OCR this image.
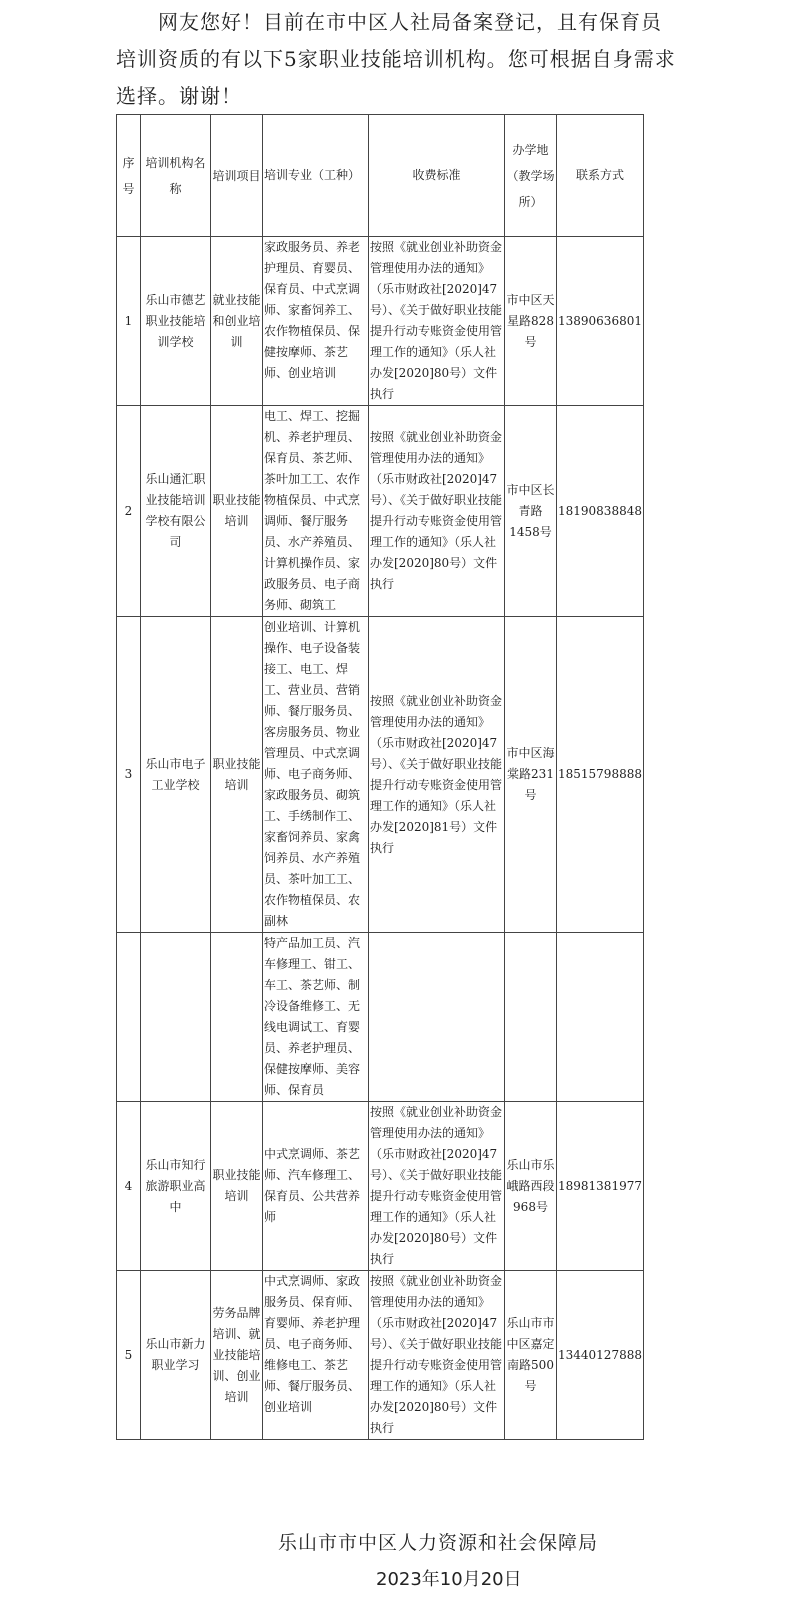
网友您好！目前在市中区人社局备案登记，且有保育员培训资质的有以下5家职业技能培训机构。您可根据自身需求选择。谢谢！
序号	培训机构名称	培训项目	培训专业（工种）	收费标准	办学地（教学场所）	联系方式
1	乐山市德艺职业技能培训学校	就业技能和创业培训	家政服务员、养老护理员、育婴员、保育员、中式烹调师、家畜饲养工、农作物植保员、保健按摩师、茶艺师、创业培训	按照《就业创业补助资金管理使用办法的通知》（乐市财政社[2020]47号）、《关于做好职业技能提升行动专账资金使用管理工作的通知》（乐人社办发[2020]80号）文件执行	市中区天星路828号	13890636801
2	乐山通汇职业技能培训学校有限公司	职业技能培训	电工、焊工、挖掘机、养老护理员、保育员、茶艺师、茶叶加工工、农作物植保员、中式烹调师、餐厅服务员、水产养殖员、计算机操作员、家政服务员、电子商务师、砌筑工	按照《就业创业补助资金管理使用办法的通知》（乐市财政社[2020]47号）、《关于做好职业技能提升行动专账资金使用管理工作的通知》（乐人社办发[2020]80号）文件执行	市中区长青路1458号	18190838848
3	乐山市电子工业学校	职业技能培训	创业培训、计算机操作、电子设备装接工、电工、焊工、营业员、营销师、餐厅服务员、客房服务员、物业管理员、中式烹调师、电子商务师、家政服务员、砌筑工、手绣制作工、家畜饲养员、家禽饲养员、水产养殖员、茶叶加工工、农作物植保员、农副林	按照《就业创业补助资金管理使用办法的通知》（乐市财政社[2020]47号）、《关于做好职业技能提升行动专账资金使用管理工作的通知》（乐人社办发[2020]81号）文件执行	市中区海棠路231号	18515798888
			特产品加工员、汽车修理工、钳工、车工、茶艺师、制冷设备维修工、无线电调试工、育婴员、养老护理员、保健按摩师、美容师、保育员			
4	乐山市知行旅游职业高中	职业技能培训	中式烹调师、茶艺师、汽车修理工、保育员、公共营养师	按照《就业创业补助资金管理使用办法的通知》（乐市财政社[2020]47号）、《关于做好职业技能提升行动专账资金使用管理工作的通知》（乐人社办发[2020]80号）文件执行	乐山市乐峨路西段968号	18981381977
5	乐山市新力职业学习	劳务品牌培训、就业技能培训、创业培训	中式烹调师、家政服务员、保育师、育婴师、养老护理员、电子商务师、维修电工、茶艺师、餐厅服务员、创业培训	按照《就业创业补助资金管理使用办法的通知》（乐市财政社[2020]47号）、《关于做好职业技能提升行动专账资金使用管理工作的通知》（乐人社办发[2020]80号）文件执行	乐山市市中区嘉定南路500号	13440127888
乐山市市中区人力资源和社会保障局
2023年10月20日
